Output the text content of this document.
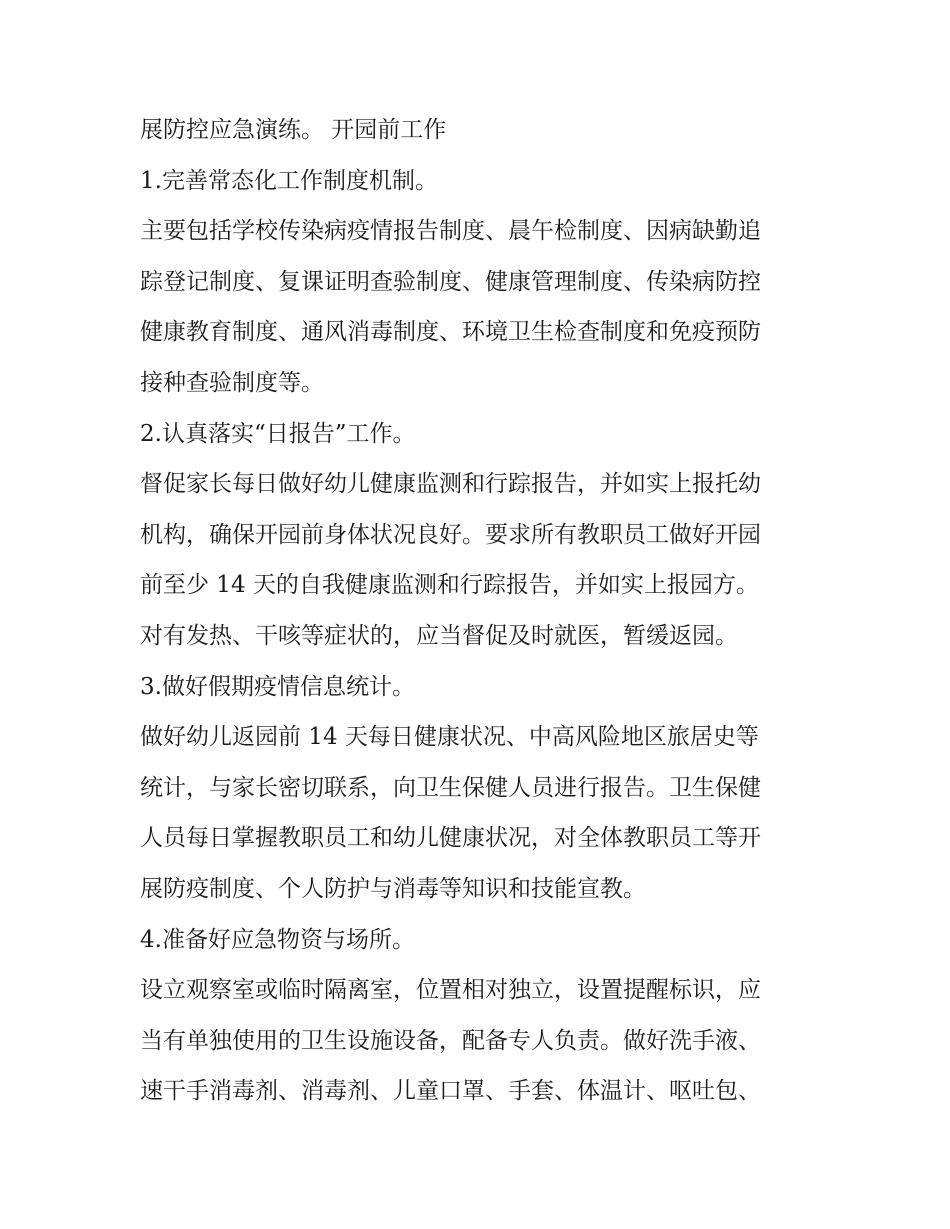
展防控应急演练。 开园前工作
1.完善常态化工作制度机制。
主要包括学校传染病疫情报告制度、晨午检制度、因病缺勤追
踪登记制度、复课证明查验制度、健康管理制度、传染病防控
健康教育制度、通风消毒制度、环境卫生检查制度和免疫预防
接种查验制度等。
2.认真落实“日报告”工作。
督促家长每日做好幼儿健康监测和行踪报告，并如实上报托幼
机构，确保开园前身体状况良好。要求所有教职员工做好开园
前至少 14 天的自我健康监测和行踪报告，并如实上报园方。
对有发热、干咳等症状的，应当督促及时就医，暂缓返园。
3.做好假期疫情信息统计。
做好幼儿返园前 14 天每日健康状况、中高风险地区旅居史等
统计，与家长密切联系，向卫生保健人员进行报告。卫生保健
人员每日掌握教职员工和幼儿健康状况，对全体教职员工等开
展防疫制度、个人防护与消毒等知识和技能宣教。
4.准备好应急物资与场所。
设立观察室或临时隔离室，位置相对独立，设置提醒标识，应
当有单独使用的卫生设施设备，配备专人负责。做好洗手液、
速干手消毒剂、消毒剂、儿童口罩、手套、体温计、呕吐包、
